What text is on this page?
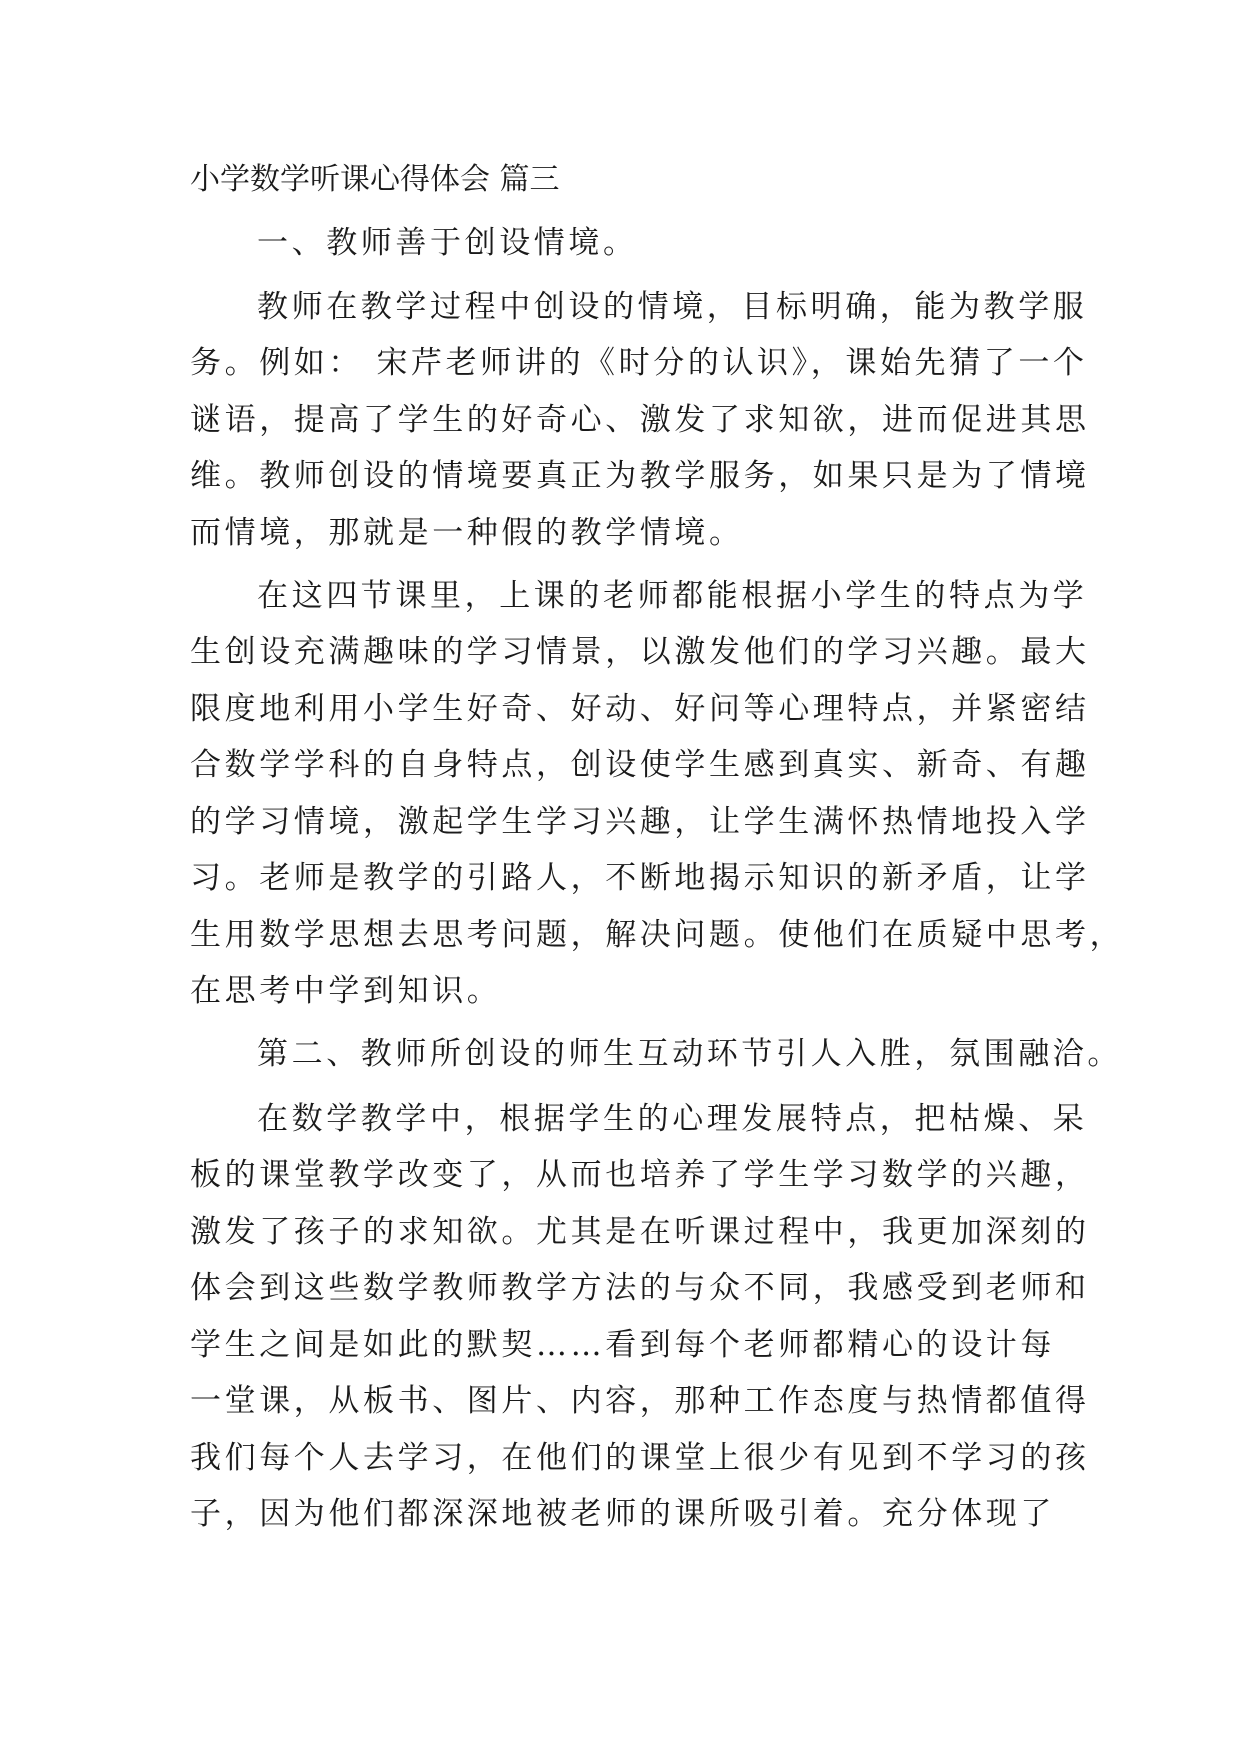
小学数学听课心得体会 篇三

一、教师善于创设情境。

教师在教学过程中创设的情境，目标明确，能为教学服

务。例如： 宋芹老师讲的《时分的认识》，课始先猜了一个

谜语，提高了学生的好奇心、激发了求知欲，进而促进其思

维。教师创设的情境要真正为教学服务，如果只是为了情境

而情境，那就是一种假的教学情境。

在这四节课里，上课的老师都能根据小学生的特点为学

生创设充满趣味的学习情景，以激发他们的学习兴趣。最大

限度地利用小学生好奇、好动、好问等心理特点，并紧密结

合数学学科的自身特点，创设使学生感到真实、新奇、有趣

的学习情境，激起学生学习兴趣，让学生满怀热情地投入学

习。老师是教学的引路人，不断地揭示知识的新矛盾，让学

生用数学思想去思考问题，解决问题。使他们在质疑中思考，

在思考中学到知识。

第二、教师所创设的师生互动环节引人入胜，氛围融洽。

在数学教学中，根据学生的心理发展特点，把枯燥、呆

板的课堂教学改变了，从而也培养了学生学习数学的兴趣，

激发了孩子的求知欲。尤其是在听课过程中，我更加深刻的

体会到这些数学教师教学方法的与众不同，我感受到老师和

学生之间是如此的默契……看到每个老师都精心的设计每

一堂课，从板书、图片、内容，那种工作态度与热情都值得

我们每个人去学习，在他们的课堂上很少有见到不学习的孩

子，因为他们都深深地被老师的课所吸引着。充分体现了
